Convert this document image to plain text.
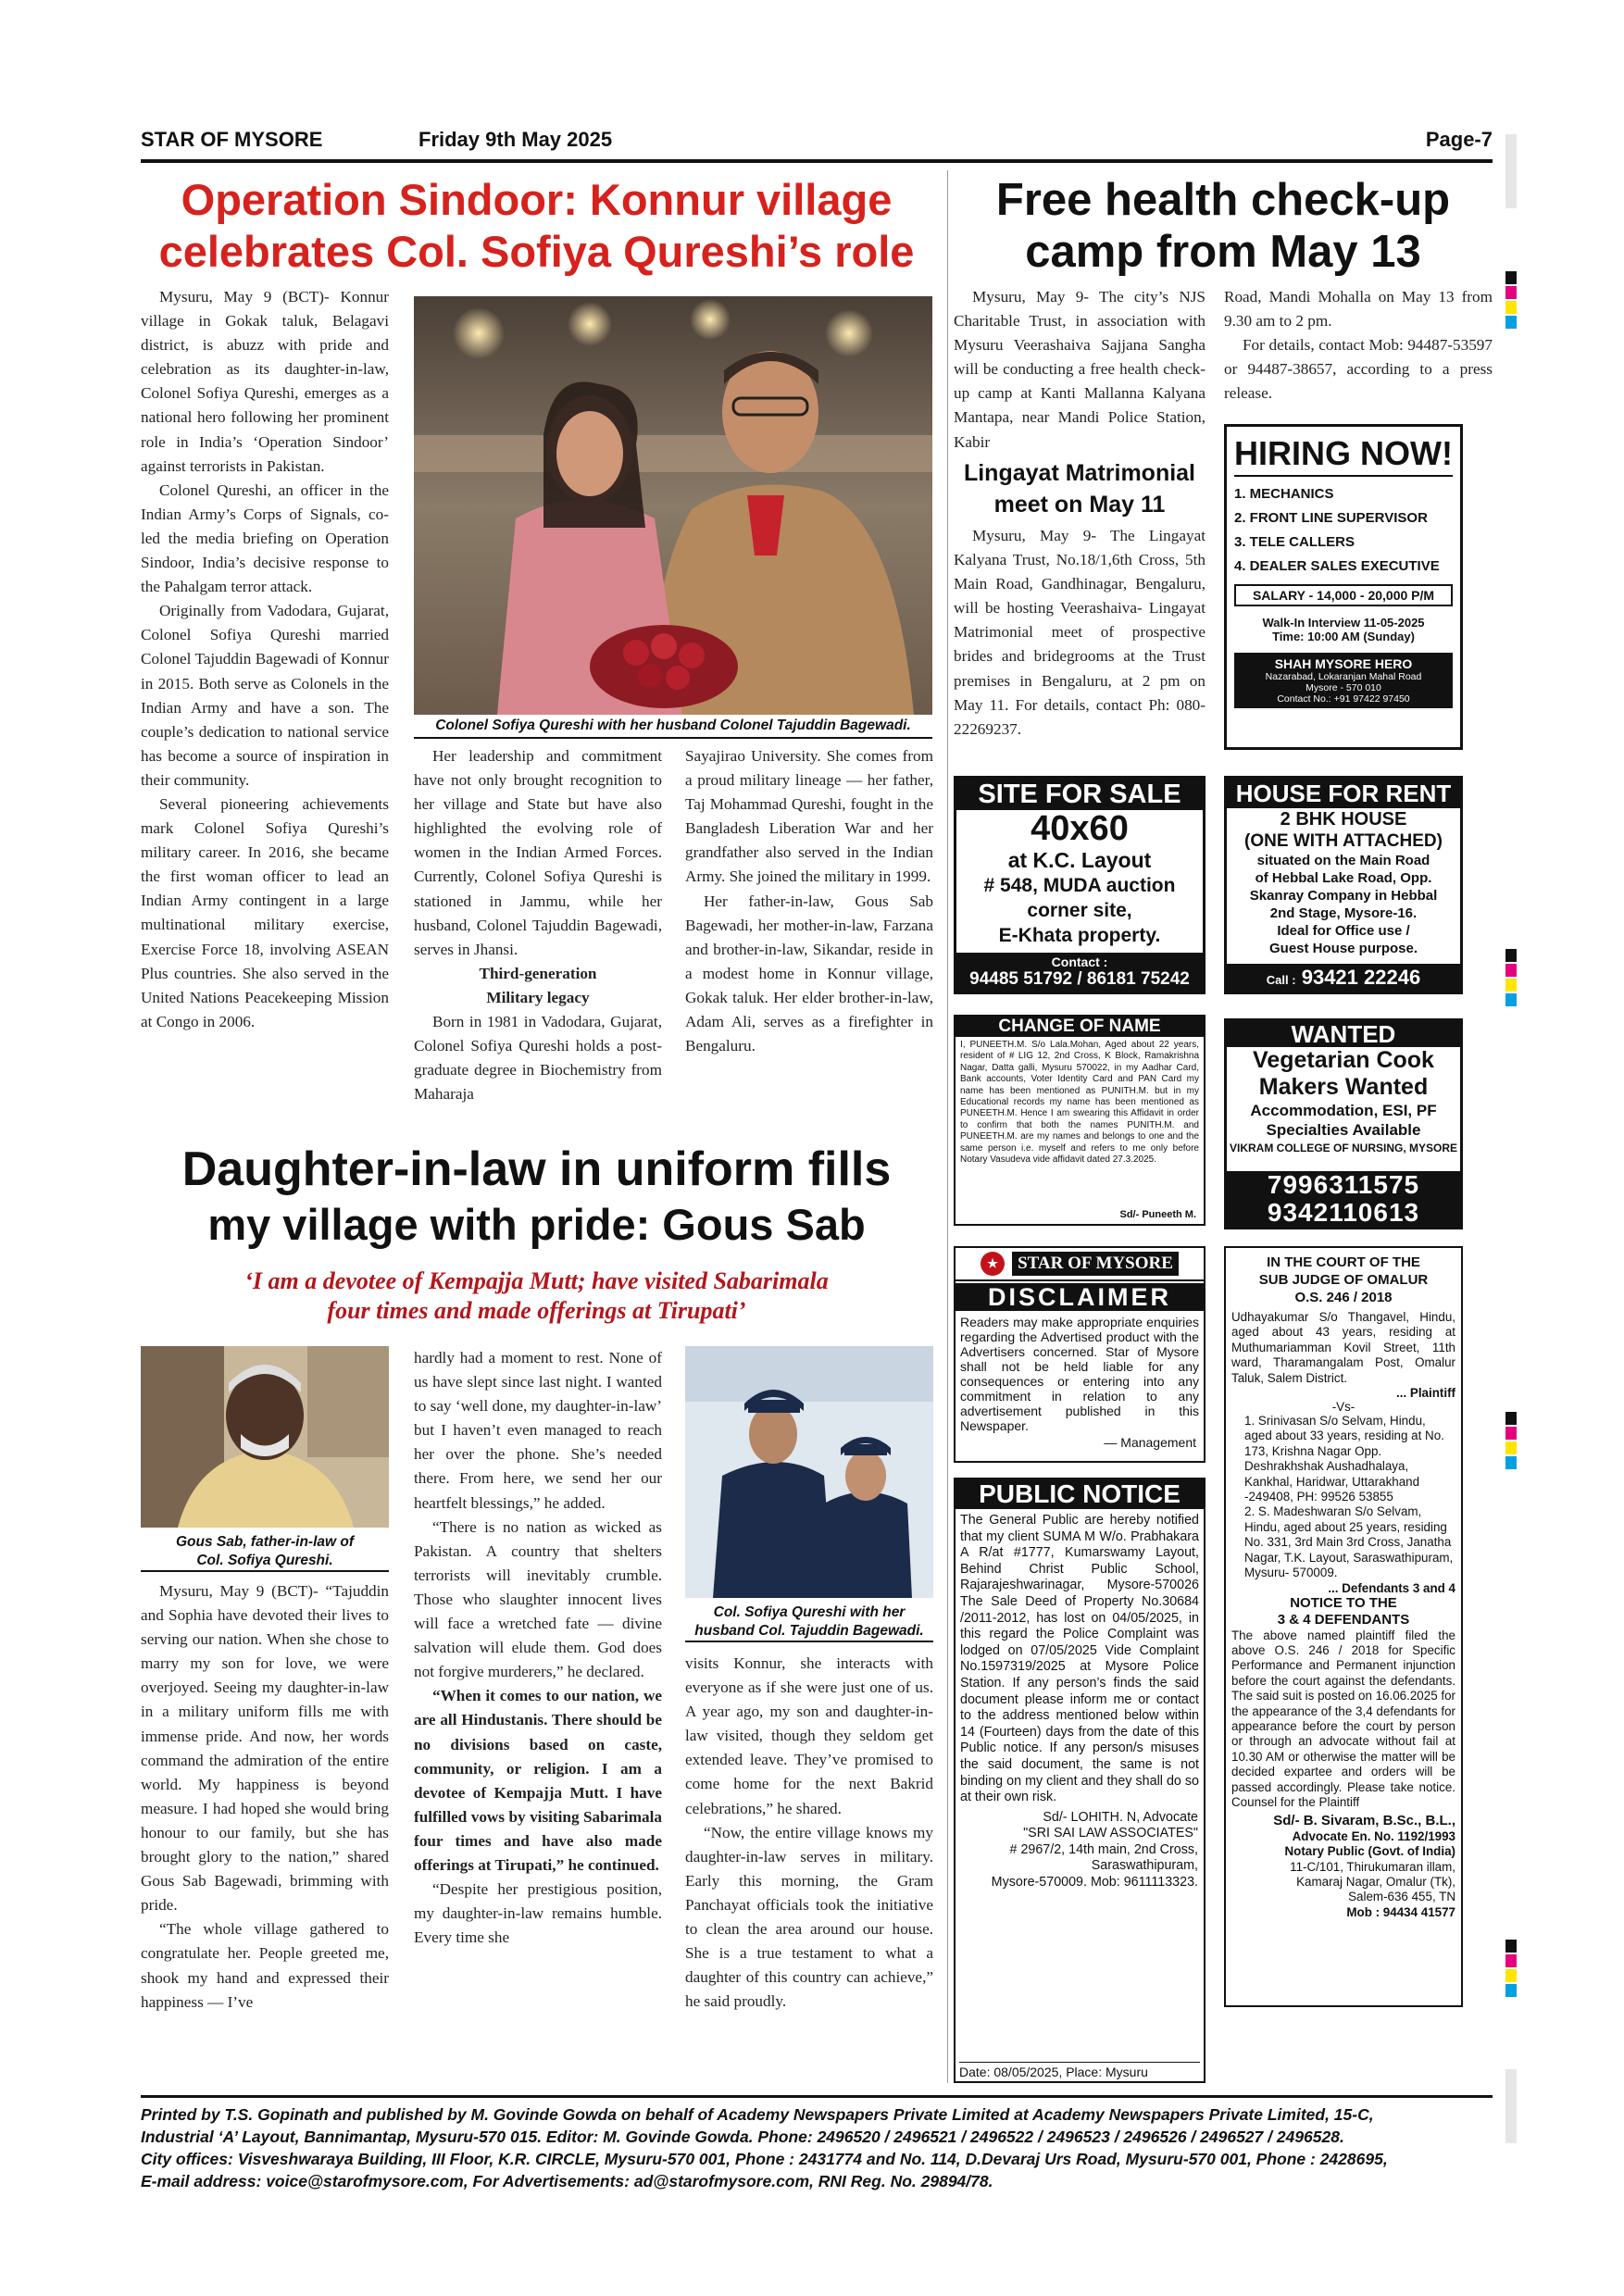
STAR OF MYSORE	Friday 9th May 2025	Page-7
Operation Sindoor: Konnur village
celebrates Col. Sofiya Qureshi’s role

Mysuru, May 9 (BCT)- Konnur village in Gokak taluk, Belagavi district, is abuzz with pride and celebration as its daughter-in-law, Colonel Sofiya Qureshi, emerges as a national hero following her prominent role in India’s ‘Operation Sindoor’ against terrorists in Pakistan.

Colonel Qureshi, an officer in the Indian Army’s Corps of Signals, co-led the media briefing on Operation Sindoor, India’s decisive response to the Pahalgam terror attack.

Originally from Vadodara, Gujarat, Colonel Sofiya Qureshi married Colonel Tajuddin Bagewadi of Konnur in 2015. Both serve as Colonels in the Indian Army and have a son. The couple’s dedication to national service has become a source of inspiration in their community.

Several pioneering achievements mark Colonel Sofiya Qureshi’s military career. In 2016, she became the first woman officer to lead an Indian Army contingent in a large multinational military exercise, Exercise Force 18, involving ASEAN Plus countries. She also served in the United Nations Peacekeeping Mission at Congo in 2006.

Colonel Sofiya Qureshi with her husband Colonel Tajuddin Bagewadi.

Her leadership and commitment have not only brought recognition to her village and State but have also highlighted the evolving role of women in the Indian Armed Forces. Currently, Colonel Sofiya Qureshi is stationed in Jammu, while her husband, Colonel Tajuddin Bagewadi, serves in Jhansi.

Third-generation

Military legacy

Born in 1981 in Vadodara, Gujarat, Colonel Sofiya Qureshi holds a post-graduate degree in Biochemistry from Maharaja

Sayajirao University. She comes from a proud military lineage — her father, Taj Mohammad Qureshi, fought in the Bangladesh Liberation War and her grandfather also served in the Indian Army. She joined the military in 1999.

Her father-in-law, Gous Sab Bagewadi, her mother-in-law, Farzana and brother-in-law, Sikandar, reside in a modest home in Konnur village, Gokak taluk. Her elder brother-in-law, Adam Ali, serves as a firefighter in Bengaluru.

Daughter-in-law in uniform fills
my village with pride: Gous Sab
‘I am a devotee of Kempajja Mutt; have visited Sabarimala
four times and made offerings at Tirupati’
Gous Sab, father-in-law of
Col. Sofiya Qureshi.

Mysuru, May 9 (BCT)- “Tajuddin and Sophia have devoted their lives to serving our nation. When she chose to marry my son for love, we were overjoyed. Seeing my daughter-in-law in a military uniform fills me with immense pride. And now, her words command the admiration of the entire world. My happiness is beyond measure. I had hoped she would bring honour to our family, but she has brought glory to the nation,” shared Gous Sab Bagewadi, brimming with pride.

“The whole village gathered to congratulate her. People greeted me, shook my hand and expressed their happiness — I’ve

hardly had a moment to rest. None of us have slept since last night. I wanted to say ‘well done, my daughter-in-law’ but I haven’t even managed to reach her over the phone. She’s needed there. From here, we send her our heartfelt blessings,” he added.

“There is no nation as wicked as Pakistan. A country that shelters terrorists will inevitably crumble. Those who slaughter innocent lives will face a wretched fate — divine salvation will elude them. God does not forgive murderers,” he declared.

“When it comes to our nation, we are all Hindustanis. There should be no divisions based on caste, community, or religion. I am a devotee of Kempajja Mutt. I have fulfilled vows by visiting Sabarimala four times and have also made offerings at Tirupati,” he continued.

“Despite her prestigious position, my daughter-in-law remains humble. Every time she

Col. Sofiya Qureshi with her
husband Col. Tajuddin Bagewadi.

visits Konnur, she interacts with everyone as if she were just one of us. A year ago, my son and daughter-in-law visited, though they seldom get extended leave. They’ve promised to come home for the next Bakrid celebrations,” he shared.

“Now, the entire village knows my daughter-in-law serves in military. Early this morning, the Gram Panchayat officials took the initiative to clean the area around our house. She is a true testament to what a daughter of this country can achieve,” he said proudly.

Free health check-up
camp from May 13

Mysuru, May 9- The city’s NJS Charitable Trust, in association with Mysuru Veerashaiva Sajjana Sangha will be conducting a free health check-up camp at Kanti Mallanna Kalyana Mantapa, near Mandi Police Station, Kabir

Road, Mandi Mohalla on May 13 from 9.30 am to 2 pm.

For details, contact Mob: 94487-53597 or 94487-38657, according to a press release.

Lingayat Matrimonial
meet on May 11

Mysuru, May 9- The Lingayat Kalyana Trust, No.18/1,6th Cross, 5th Main Road, Gandhinagar, Bengaluru, will be hosting Veerashaiva- Lingayat Matrimonial meet of prospective brides and bridegrooms at the Trust premises in Bengaluru, at 2 pm on May 11. For details, contact Ph: 080- 22269237.

HIRING NOW!
1. MECHANICS
2. FRONT LINE SUPERVISOR
3. TELE CALLERS
4. DEALER SALES EXECUTIVE
SALARY - 14,000 - 20,000 P/M
Walk-In Interview 11-05-2025
Time: 10:00 AM (Sunday)
SHAH MYSORE HERO
Nazarabad, Lokaranjan Mahal Road
Mysore - 570 010
Contact No.: +91 97422 97450
SITE FOR SALE
40x60
at K.C. Layout
# 548, MUDA auction
corner site,
E-Khata property.
Contact :
94485 51792 / 86181 75242
HOUSE FOR RENT
2 BHK HOUSE
(ONE WITH ATTACHED)
situated on the Main Road
of Hebbal Lake Road, Opp.
Skanray Company in Hebbal
2nd Stage, Mysore-16.
Ideal for Office use /
Guest House purpose.
Call : 93421 22246
CHANGE OF NAME
I, PUNEETH.M. S/o Lala.Mohan, Aged about 22 years, resident of # LIG 12, 2nd Cross, K Block, Ramakrishna Nagar, Datta galli, Mysuru 570022, in my Aadhar Card, Bank accounts, Voter Identity Card and PAN Card my name has been mentioned as PUNITH.M. but in my Educational records my name has been mentioned as PUNEETH.M. Hence I am swearing this Affidavit in order to confirm that both the names PUNITH.M. and PUNEETH.M. are my names and belongs to one and the same person i.e. myself and refers to me only before Notary Vasudeva vide affidavit dated 27.3.2025.
Sd/- Puneeth M.
WANTED
Vegetarian Cook
Makers Wanted
Accommodation, ESI, PF
Specialties Available
VIKRAM COLLEGE OF NURSING, MYSORE
7996311575
9342110613
★	STAR OF MYSORE
DISCLAIMER
Readers may make appropriate enquiries regarding the Advertised product with the Advertisers concerned. Star of Mysore shall not be held liable for any consequences or entering into any commitment in relation to any advertisement published in this Newspaper.
— Management
PUBLIC NOTICE
The General Public are hereby notified that my client SUMA M W/o. Prabhakara A R/at #1777, Kumarswamy Layout, Behind Christ Public School, Rajarajeshwarinagar, Mysore-570026 The Sale Deed of Property No.30684 /2011-2012, has lost on 04/05/2025, in this regard the Police Complaint was lodged on 07/05/2025 Vide Complaint No.1597319/2025 at Mysore Police Station. If any person’s finds the said document please inform me or contact to the address mentioned below within 14 (Fourteen) days from the date of this Public notice. If any person/s misuses the said document, the same is not binding on my client and they shall do so at their own risk.
Sd/- LOHITH. N, Advocate
"SRI SAI LAW ASSOCIATES"
# 2967/2, 14th main, 2nd Cross,
Saraswathipuram,
Mysore-570009. Mob: 9611113323.
Date: 08/05/2025, Place: Mysuru
IN THE COURT OF THE
SUB JUDGE OF OMALUR
O.S. 246 / 2018
Udhayakumar S/o Thangavel, Hindu, aged about 43 years, residing at Muthumariamman Kovil Street, 11th ward, Tharamangalam Post, Omalur Taluk, Salem District.
... Plaintiff
-Vs-
1. Srinivasan S/o Selvam, Hindu, aged about 33 years, residing at No. 173, Krishna Nagar Opp. Deshrakhshak Aushadhalaya, Kankhal, Haridwar, Uttarakhand -249408, PH: 99526 53855
2. S. Madeshwaran S/o Selvam, Hindu, aged about 25 years, residing No. 331, 3rd Main 3rd Cross, Janatha Nagar, T.K. Layout, Saraswathipuram, Mysuru- 570009.
... Defendants 3 and 4
NOTICE TO THE
3 & 4 DEFENDANTS
The above named plaintiff filed the above O.S. 246 / 2018 for Specific Performance and Permanent injunction before the court against the defendants. The said suit is posted on 16.06.2025 for the appearance of the 3,4 defendants for appearance before the court by person or through an advocate without fail at 10.30 AM or otherwise the matter will be decided expartee and orders will be passed accordingly. Please take notice. Counsel for the Plaintiff
Sd/- B. Sivaram, B.Sc., B.L.,
Advocate En. No. 1192/1993
Notary Public (Govt. of India)
11-C/101, Thirukumaran illam,
Kamaraj Nagar, Omalur (Tk),
Salem-636 455, TN
Mob : 94434 41577
Printed by T.S. Gopinath and published by M. Govinde Gowda on behalf of Academy Newspapers Private Limited at Academy Newspapers Private Limited, 15-C,
Industrial ‘A’ Layout, Bannimantap, Mysuru-570 015. Editor: M. Govinde Gowda. Phone: 2496520 / 2496521 / 2496522 / 2496523 / 2496526 / 2496527 / 2496528.
City offices: Visveshwaraya Building, III Floor, K.R. CIRCLE, Mysuru-570 001, Phone : 2431774 and No. 114, D.Devaraj Urs Road, Mysuru-570 001, Phone : 2428695,
E-mail address: voice@starofmysore.com, For Advertisements: ad@starofmysore.com, RNI Reg. No. 29894/78.
